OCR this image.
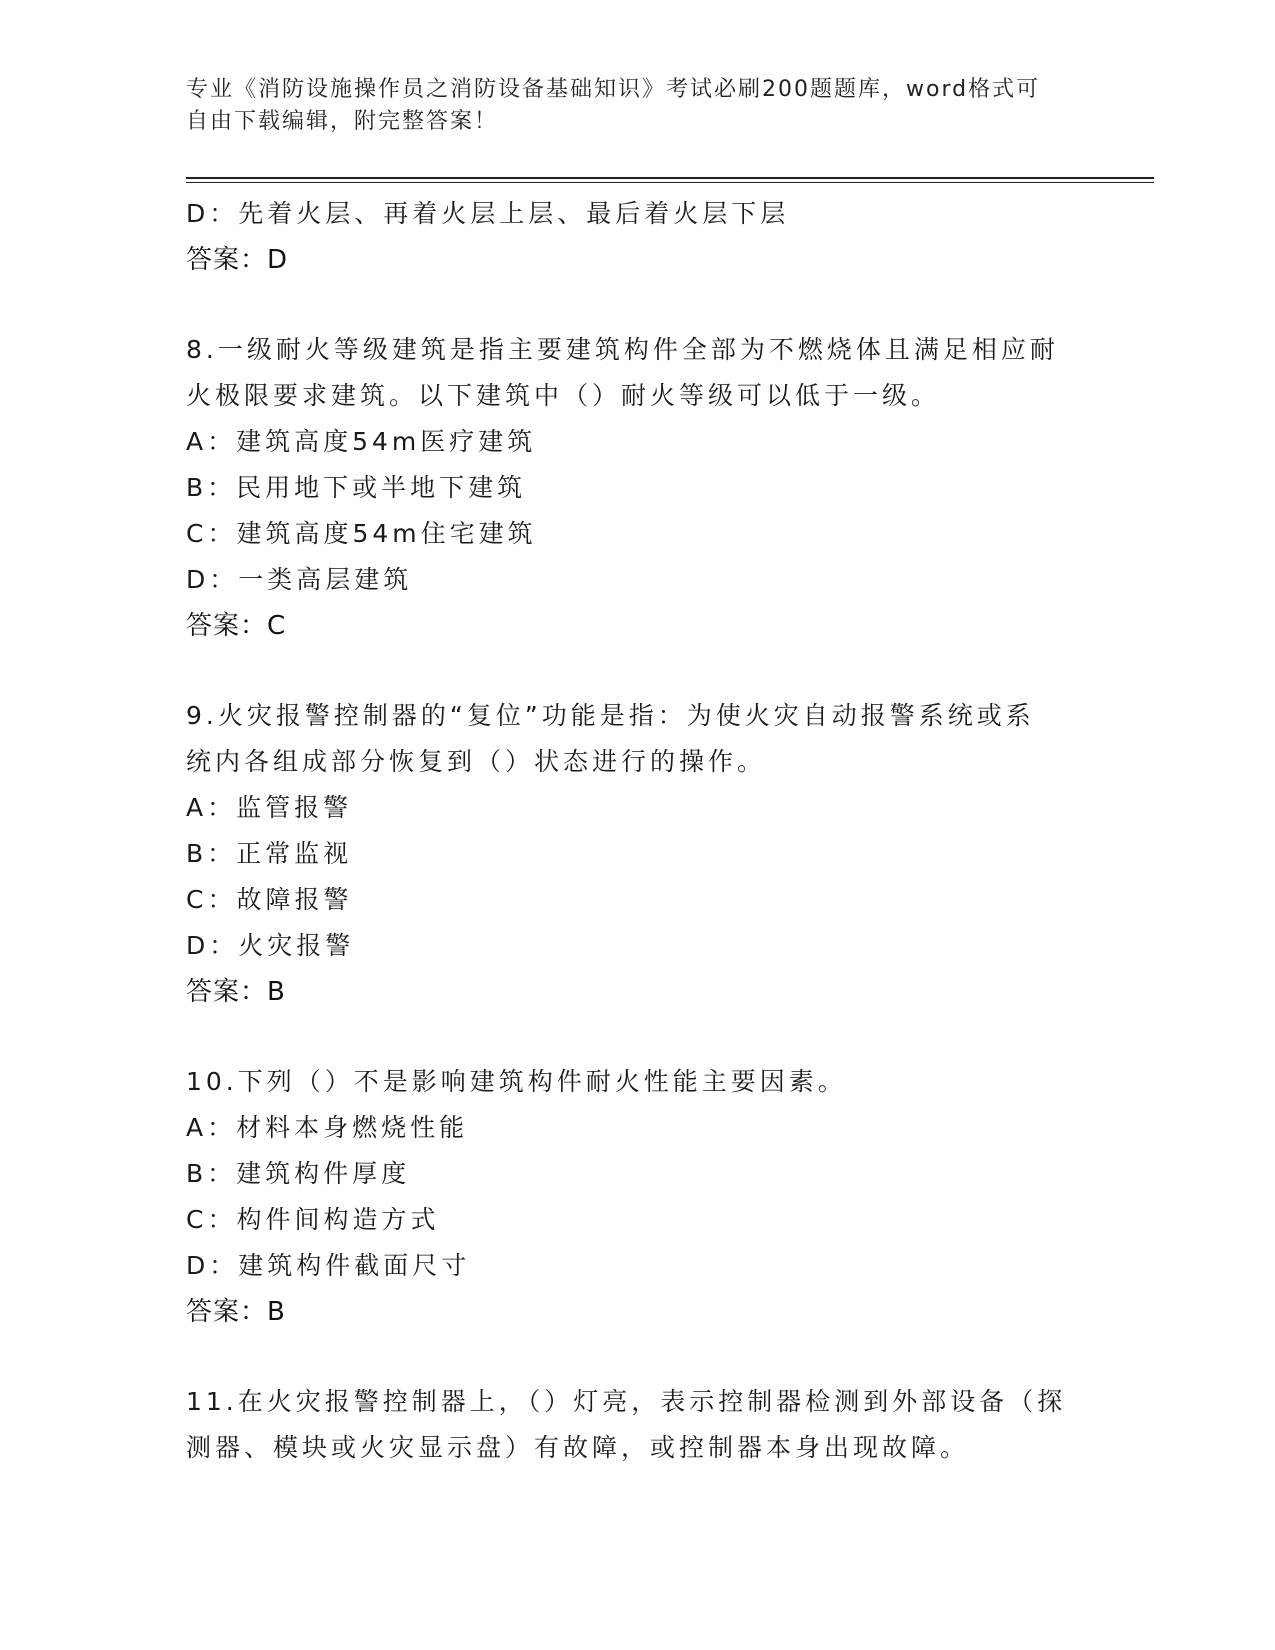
专业《消防设施操作员之消防设备基础知识》考试必刷200题题库，word格式可
自由下载编辑，附完整答案！
D：先着火层、再着火层上层、最后着火层下层
答案：D
8.一级耐火等级建筑是指主要建筑构件全部为不燃烧体且满足相应耐
火极限要求建筑。以下建筑中（）耐火等级可以低于一级。
A：建筑高度54m医疗建筑
B：民用地下或半地下建筑
C：建筑高度54m住宅建筑
D：一类高层建筑
答案：C
9.火灾报警控制器的“复位”功能是指：为使火灾自动报警系统或系
统内各组成部分恢复到（）状态进行的操作。
A：监管报警
B：正常监视
C：故障报警
D：火灾报警
答案：B
10.下列（）不是影响建筑构件耐火性能主要因素。
A：材料本身燃烧性能
B：建筑构件厚度
C：构件间构造方式
D：建筑构件截面尺寸
答案：B
11.在火灾报警控制器上，（）灯亮，表示控制器检测到外部设备（探
测器、模块或火灾显示盘）有故障，或控制器本身出现故障。
